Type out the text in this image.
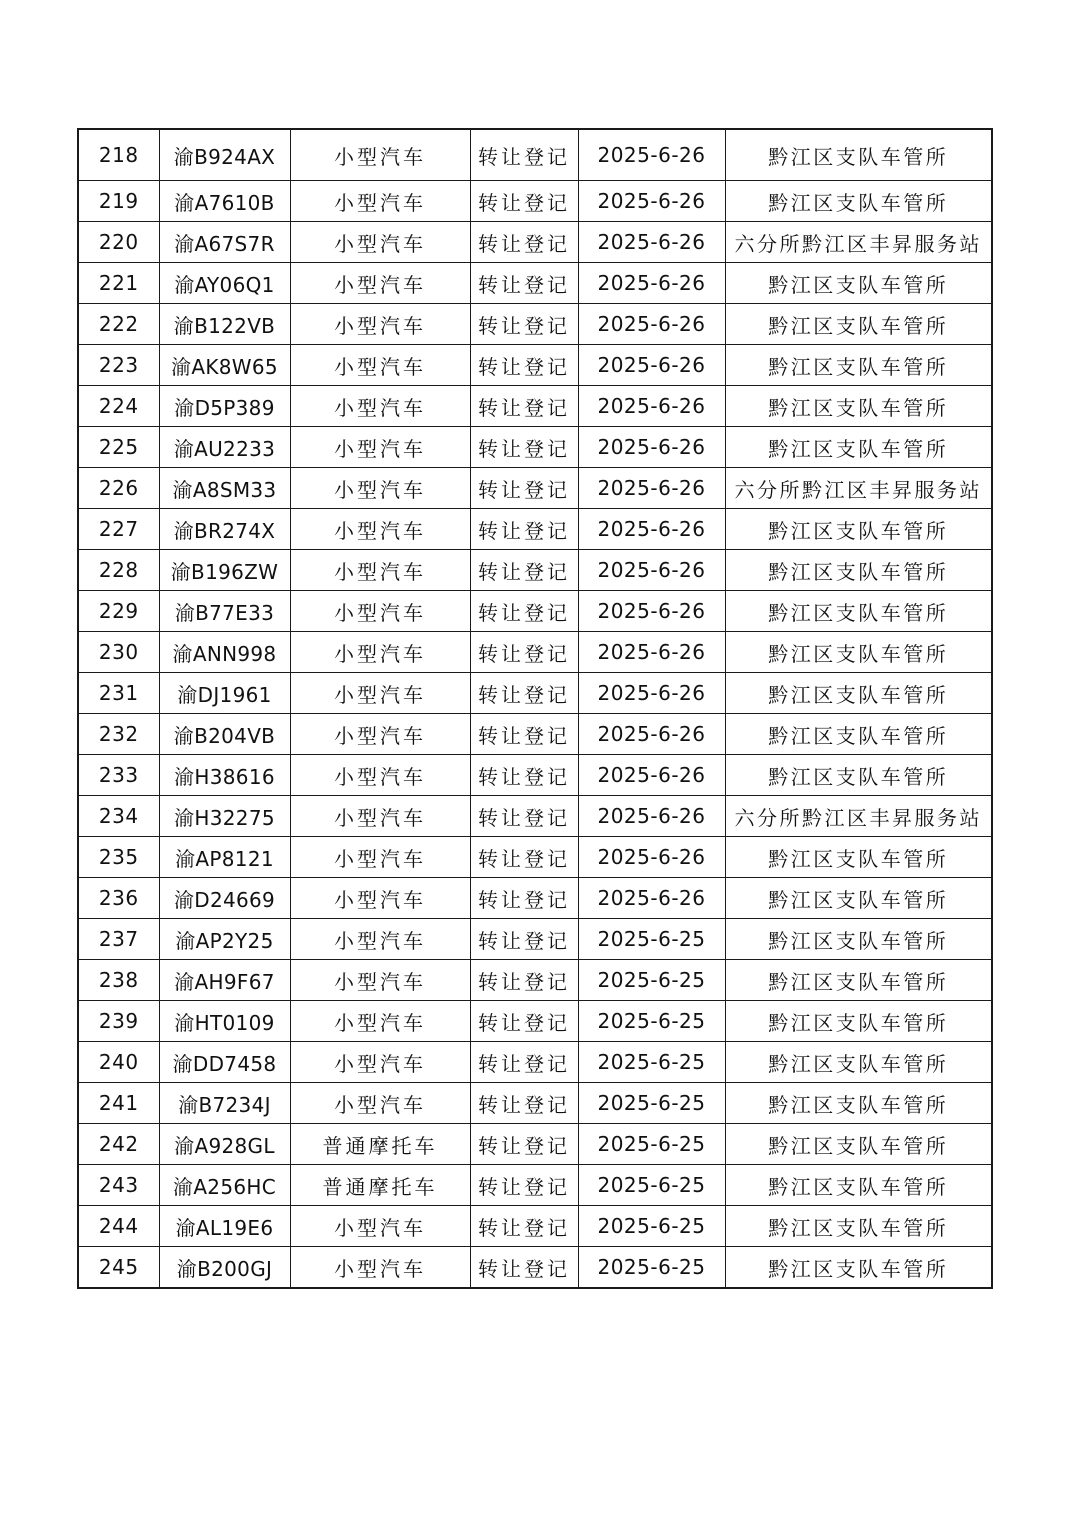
218	渝B924AX	小型汽车	转让登记	2025-6-26	黔江区支队车管所
219	渝A7610B	小型汽车	转让登记	2025-6-26	黔江区支队车管所
220	渝A67S7R	小型汽车	转让登记	2025-6-26	六分所黔江区丰昇服务站
221	渝AY06Q1	小型汽车	转让登记	2025-6-26	黔江区支队车管所
222	渝B122VB	小型汽车	转让登记	2025-6-26	黔江区支队车管所
223	渝AK8W65	小型汽车	转让登记	2025-6-26	黔江区支队车管所
224	渝D5P389	小型汽车	转让登记	2025-6-26	黔江区支队车管所
225	渝AU2233	小型汽车	转让登记	2025-6-26	黔江区支队车管所
226	渝A8SM33	小型汽车	转让登记	2025-6-26	六分所黔江区丰昇服务站
227	渝BR274X	小型汽车	转让登记	2025-6-26	黔江区支队车管所
228	渝B196ZW	小型汽车	转让登记	2025-6-26	黔江区支队车管所
229	渝B77E33	小型汽车	转让登记	2025-6-26	黔江区支队车管所
230	渝ANN998	小型汽车	转让登记	2025-6-26	黔江区支队车管所
231	渝DJ1961	小型汽车	转让登记	2025-6-26	黔江区支队车管所
232	渝B204VB	小型汽车	转让登记	2025-6-26	黔江区支队车管所
233	渝H38616	小型汽车	转让登记	2025-6-26	黔江区支队车管所
234	渝H32275	小型汽车	转让登记	2025-6-26	六分所黔江区丰昇服务站
235	渝AP8121	小型汽车	转让登记	2025-6-26	黔江区支队车管所
236	渝D24669	小型汽车	转让登记	2025-6-26	黔江区支队车管所
237	渝AP2Y25	小型汽车	转让登记	2025-6-25	黔江区支队车管所
238	渝AH9F67	小型汽车	转让登记	2025-6-25	黔江区支队车管所
239	渝HT0109	小型汽车	转让登记	2025-6-25	黔江区支队车管所
240	渝DD7458	小型汽车	转让登记	2025-6-25	黔江区支队车管所
241	渝B7234J	小型汽车	转让登记	2025-6-25	黔江区支队车管所
242	渝A928GL	普通摩托车	转让登记	2025-6-25	黔江区支队车管所
243	渝A256HC	普通摩托车	转让登记	2025-6-25	黔江区支队车管所
244	渝AL19E6	小型汽车	转让登记	2025-6-25	黔江区支队车管所
245	渝B200GJ	小型汽车	转让登记	2025-6-25	黔江区支队车管所
